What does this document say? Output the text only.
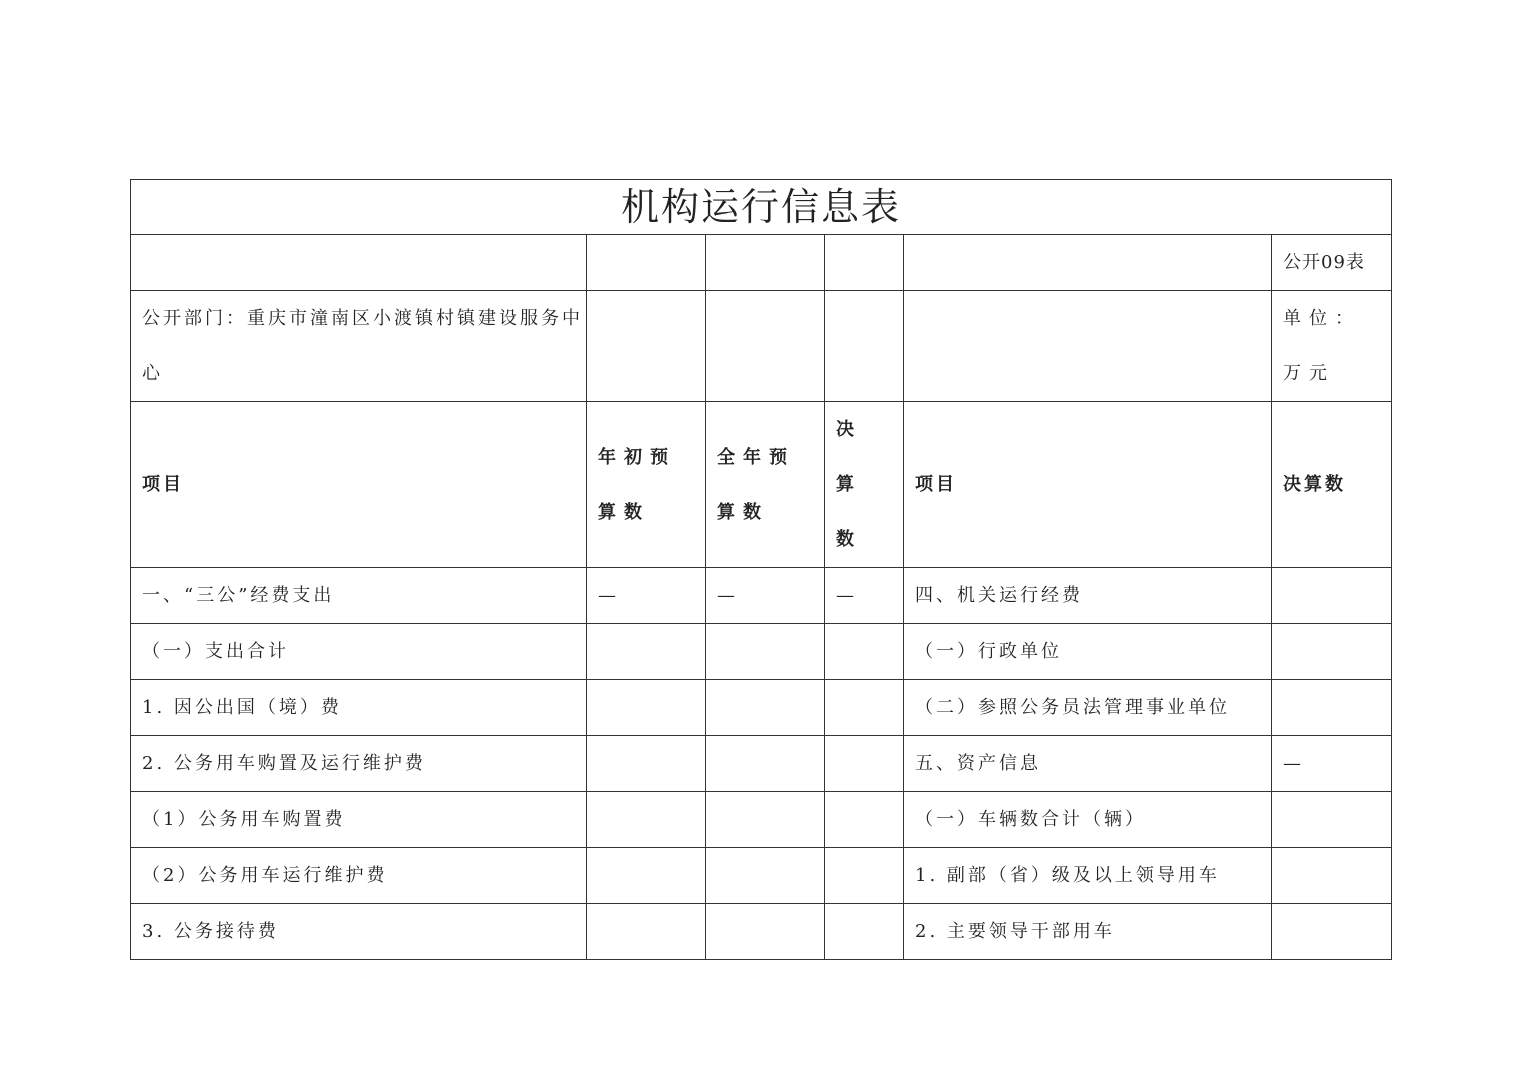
机构运行信息表					
					公开09表
公开部门：重庆市潼南区小渡镇村镇建设服务中心					单位：万元
项目	年初预算数	全年预算数	决算数	项目	决算数
一、“三公”经费支出	—	—	—	四、机关运行经费	
（一）支出合计				（一）行政单位	
1. 因公出国（境）费				（二）参照公务员法管理事业单位	
2. 公务用车购置及运行维护费				五、资产信息	—
（1）公务用车购置费				（一）车辆数合计（辆）	
（2）公务用车运行维护费				1. 副部（省）级及以上领导用车	
3. 公务接待费				2. 主要领导干部用车	
